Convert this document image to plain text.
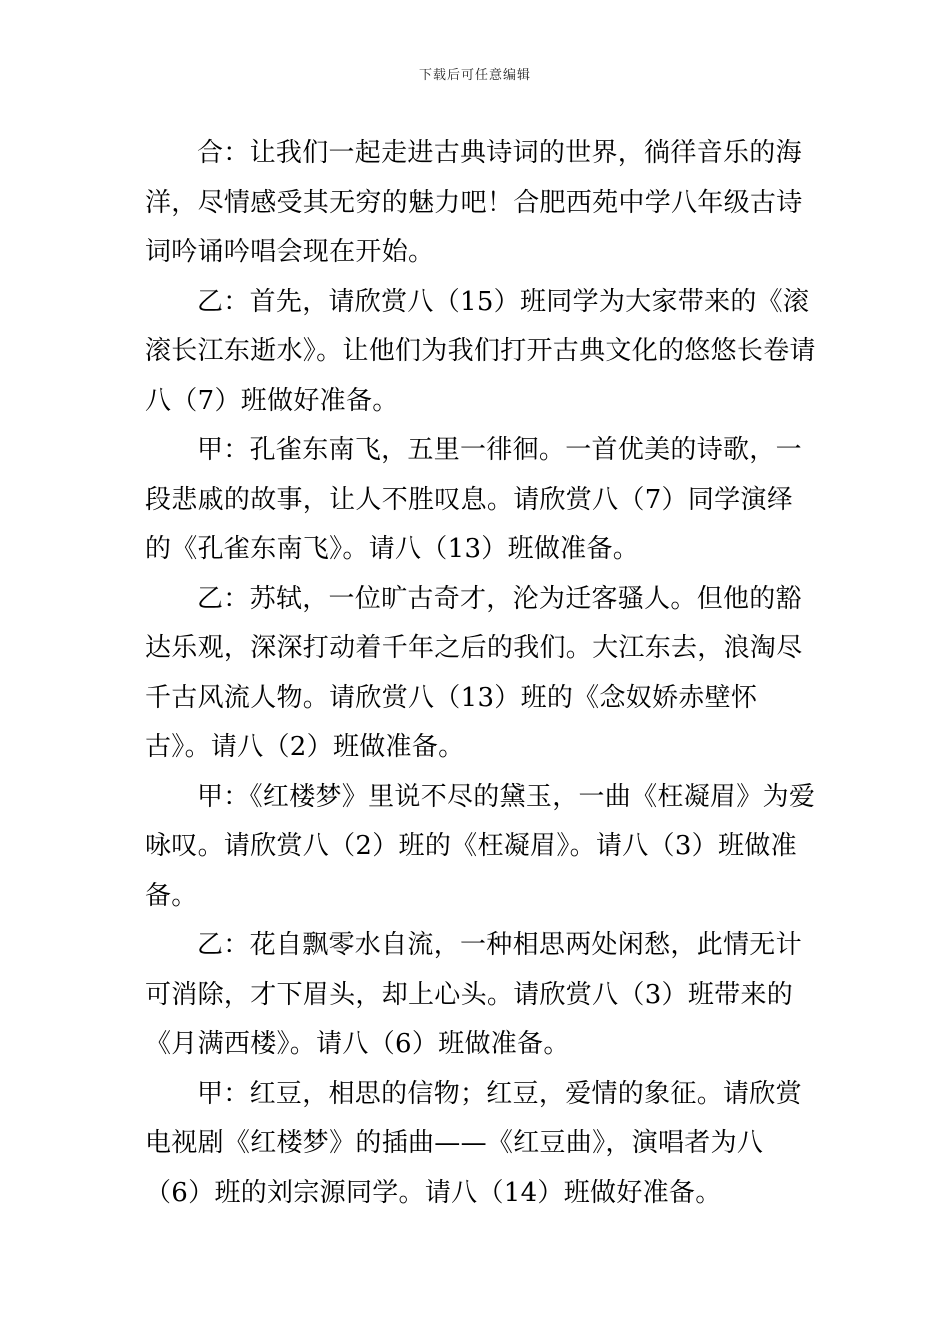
下载后可任意编辑

合：让我们一起走进古典诗词的世界，徜徉音乐的海洋，尽情感受其无穷的魅力吧！合肥西苑中学八年级古诗词吟诵吟唱会现在开始。

乙：首先，请欣赏八（15）班同学为大家带来的《滚滚长江东逝水》。让他们为我们打开古典文化的悠悠长卷请八（7）班做好准备。

甲：孔雀东南飞，五里一徘徊。一首优美的诗歌，一段悲戚的故事，让人不胜叹息。请欣赏八（7）同学演绎的《孔雀东南飞》。请八（13）班做准备。

乙：苏轼，一位旷古奇才，沦为迁客骚人。但他的豁达乐观，深深打动着千年之后的我们。大江东去，浪淘尽千古风流人物。请欣赏八（13）班的《念奴娇赤壁怀古》。请八（2）班做准备。

甲：《红楼梦》里说不尽的黛玉，一曲《枉凝眉》为爱咏叹。请欣赏八（2）班的《枉凝眉》。请八（3）班做准备。

乙：花自飘零水自流，一种相思两处闲愁，此情无计可消除，才下眉头，却上心头。请欣赏八（3）班带来的《月满西楼》。请八（6）班做准备。

甲：红豆，相思的信物；红豆，爱情的象征。请欣赏电视剧《红楼梦》的插曲——《红豆曲》，演唱者为八（6）班的刘宗源同学。请八（14）班做好准备。
